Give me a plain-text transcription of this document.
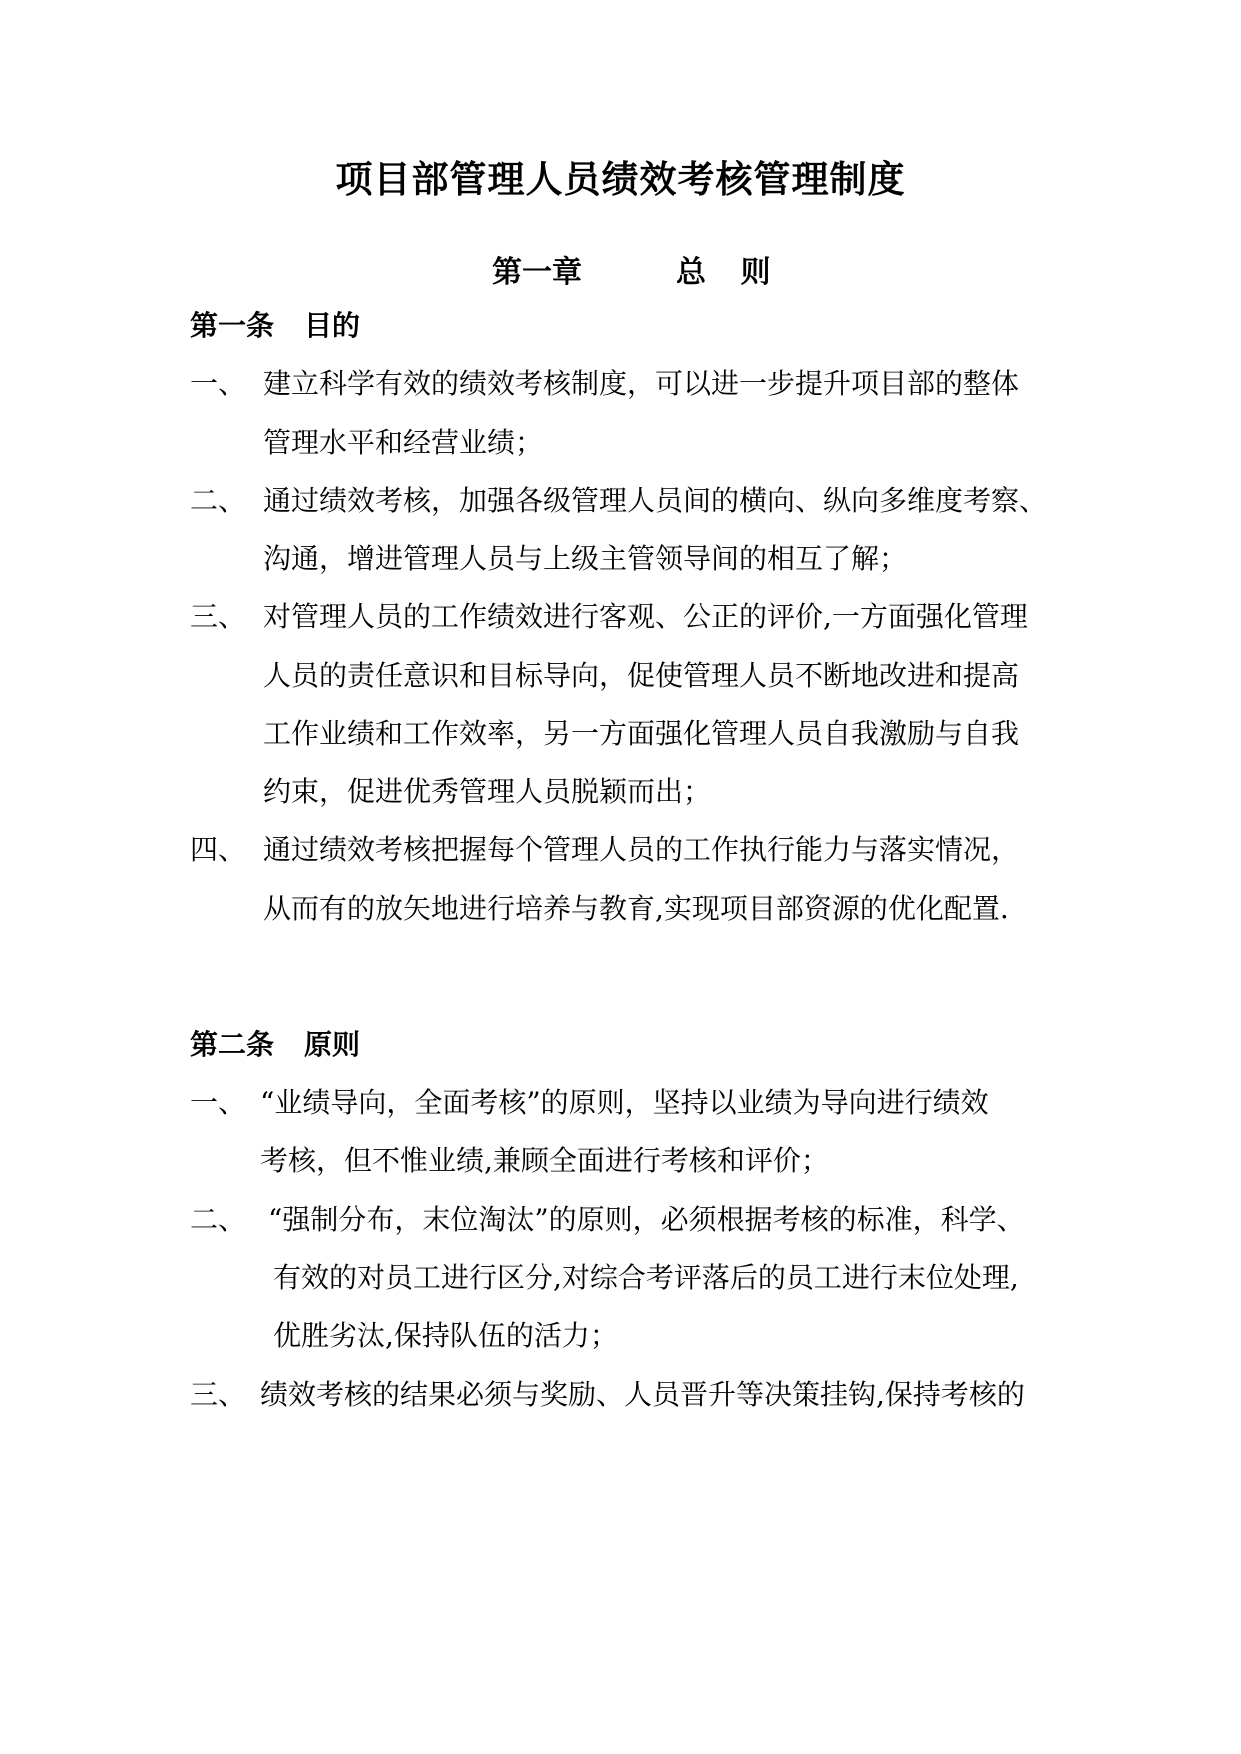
项目部管理人员绩效考核管理制度
第一章	总 则
第一条 目的
一、 建立科学有效的绩效考核制度，可以进一步提升项目部的整体
管理水平和经营业绩；
二、 通过绩效考核，加强各级管理人员间的横向、纵向多维度考察、
沟通，增进管理人员与上级主管领导间的相互了解；
三、 对管理人员的工作绩效进行客观、公正的评价,一方面强化管理
人员的责任意识和目标导向，促使管理人员不断地改进和提高
工作业绩和工作效率，另一方面强化管理人员自我激励与自我
约束，促进优秀管理人员脱颖而出；
四、 通过绩效考核把握每个管理人员的工作执行能力与落实情况，
从而有的放矢地进行培养与教育,实现项目部资源的优化配置.
第二条 原则
一、 “业绩导向，全面考核”的原则，坚持以业绩为导向进行绩效
考核，但不惟业绩,兼顾全面进行考核和评价；
二、 “强制分布，末位淘汰”的原则，必须根据考核的标准，科学、
有效的对员工进行区分,对综合考评落后的员工进行末位处理,
优胜劣汰,保持队伍的活力；
三、 绩效考核的结果必须与奖励、人员晋升等决策挂钩,保持考核的
